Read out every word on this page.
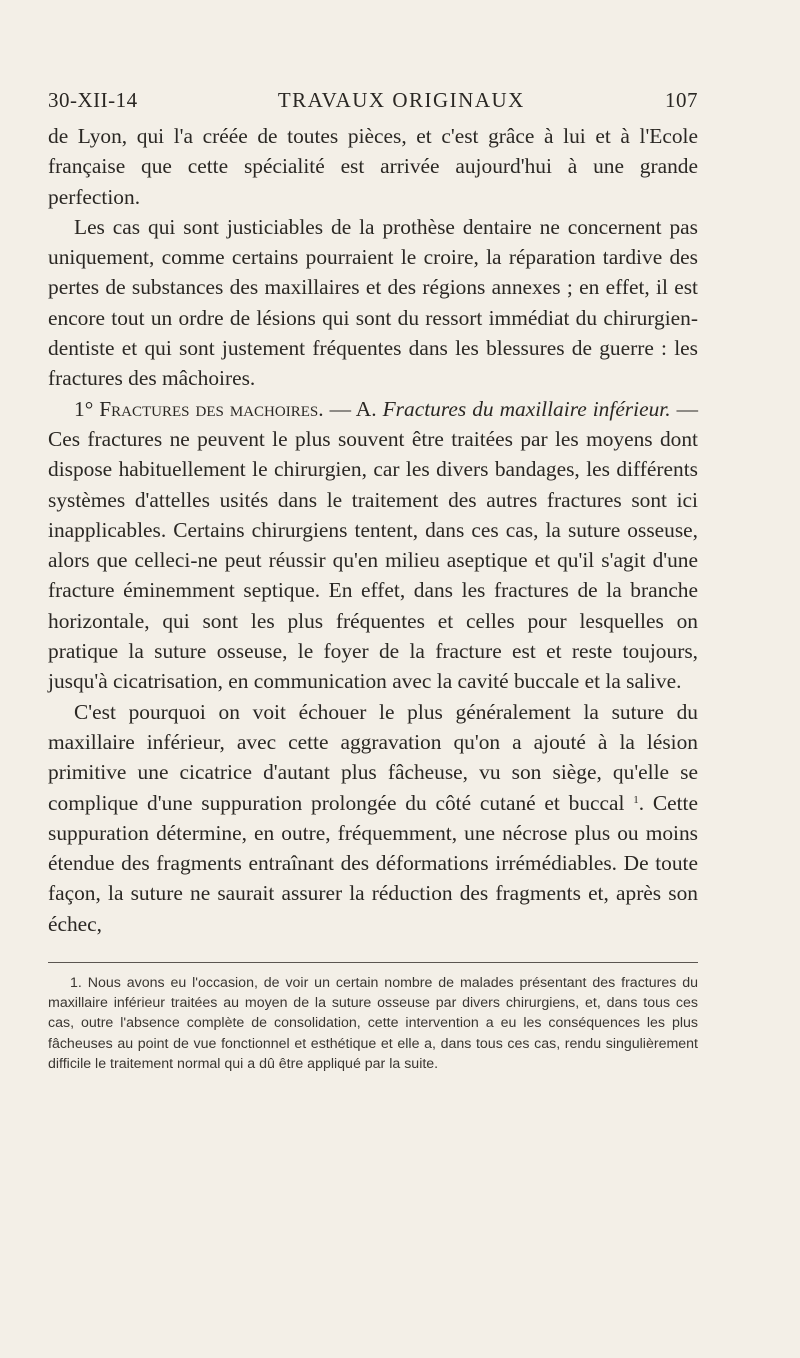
30-XII-14	TRAVAUX ORIGINAUX	107

de Lyon, qui l'a créée de toutes pièces, et c'est grâce à lui et à l'Ecole française que cette spécialité est arrivée aujourd'hui à une grande perfection.

Les cas qui sont justiciables de la prothèse dentaire ne concernent pas uniquement, comme certains pourraient le croire, la réparation tardive des pertes de substances des maxillaires et des régions annexes ; en effet, il est encore tout un ordre de lésions qui sont du ressort immédiat du chirurgien-dentiste et qui sont justement fréquentes dans les blessures de guerre : les fractures des mâchoires.

1° Fractures des machoires. — A. Fractures du maxillaire inférieur. — Ces fractures ne peuvent le plus souvent être traitées par les moyens dont dispose habituellement le chirurgien, car les divers bandages, les différents systèmes d'attelles usités dans le traitement des autres fractures sont ici inapplicables. Certains chirurgiens tentent, dans ces cas, la suture osseuse, alors que celleci-ne peut réussir qu'en milieu aseptique et qu'il s'agit d'une fracture éminemment septique. En effet, dans les fractures de la branche horizontale, qui sont les plus fréquentes et celles pour lesquelles on pratique la suture osseuse, le foyer de la fracture est et reste toujours, jusqu'à cicatrisation, en communication avec la cavité buccale et la salive.

C'est pourquoi on voit échouer le plus généralement la suture du maxillaire inférieur, avec cette aggravation qu'on a ajouté à la lésion primitive une cicatrice d'autant plus fâcheuse, vu son siège, qu'elle se complique d'une suppuration prolongée du côté cutané et buccal $^1$. Cette suppuration détermine, en outre, fréquemment, une nécrose plus ou moins étendue des fragments entraînant des déformations irrémédiables. De toute façon, la suture ne saurait assurer la réduction des fragments et, après son échec,

1. Nous avons eu l'occasion, de voir un certain nombre de malades présentant des fractures du maxillaire inférieur traitées au moyen de la suture osseuse par divers chirurgiens, et, dans tous ces cas, outre l'absence complète de consolidation, cette intervention a eu les conséquences les plus fâcheuses au point de vue fonctionnel et esthétique et elle a, dans tous ces cas, rendu singulièrement difficile le traitement normal qui a dû être appliqué par la suite.
